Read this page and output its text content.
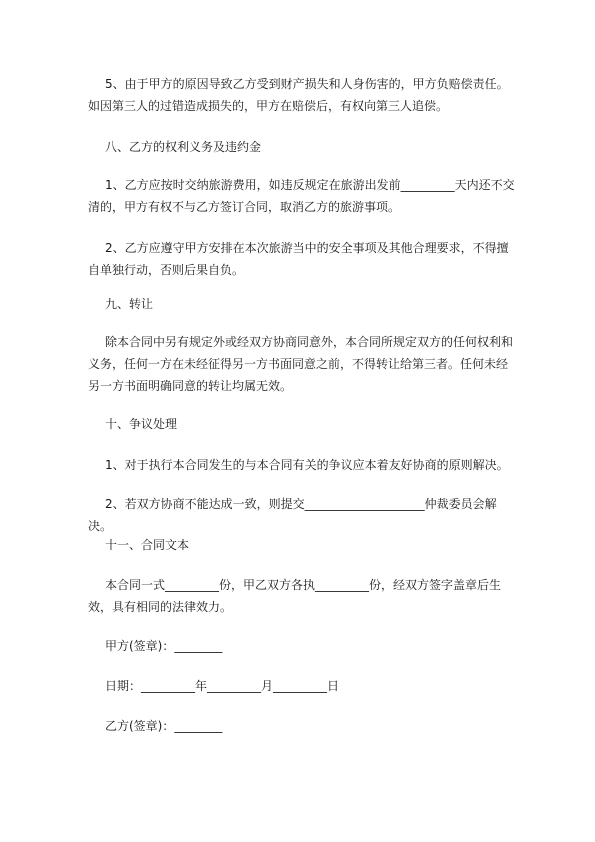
5、由于甲方的原因导致乙方受到财产损失和人身伤害的，甲方负赔偿责任。如因第三人的过错造成损失的，甲方在赔偿后，有权向第三人追偿。

八、乙方的权利义务及违约金

1、乙方应按时交纳旅游费用，如违反规定在旅游出发前_________天内还不交清的，甲方有权不与乙方签订合同，取消乙方的旅游事项。

2、乙方应遵守甲方安排在本次旅游当中的安全事项及其他合理要求，不得擅自单独行动，否则后果自负。

九、转让

除本合同中另有规定外或经双方协商同意外，本合同所规定双方的任何权利和义务，任何一方在未经征得另一方书面同意之前，不得转让给第三者。任何未经另一方书面明确同意的转让均属无效。

十、争议处理

1、对于执行本合同发生的与本合同有关的争议应本着友好协商的原则解决。

2、若双方协商不能达成一致，则提交____________________仲裁委员会解决。

十一、合同文本

本合同一式_________份，甲乙双方各执_________份，经双方签字盖章后生效，具有相同的法律效力。

甲方(签章)：________

日期：_________年_________月_________日

乙方(签章)：________
